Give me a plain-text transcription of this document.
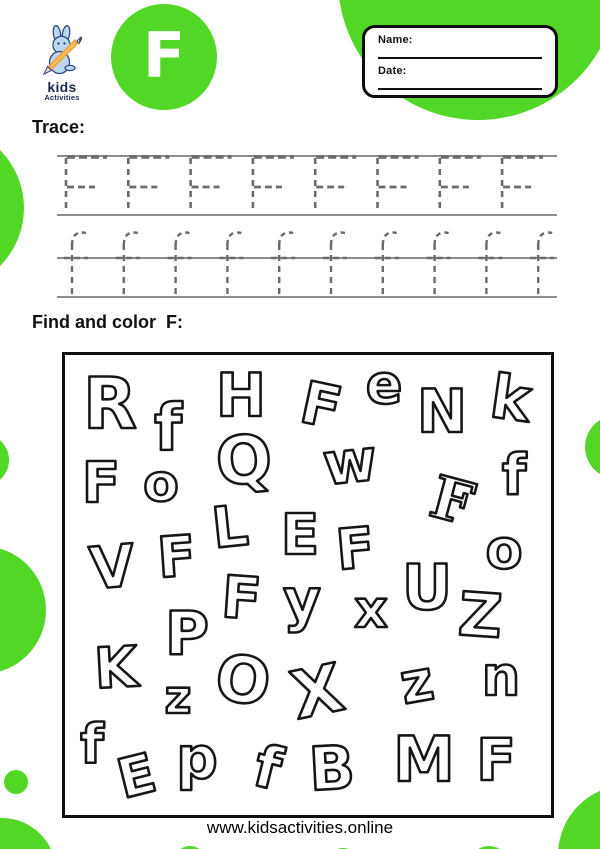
kids
Activities
F	Name:
Date:
Trace:
Find and color  F:
R f H F e N k
F o Q w
F f
V F L E F o
F y
P	x U Z
K z O X z n
f E p f B M F
www.kidsactivities.online
